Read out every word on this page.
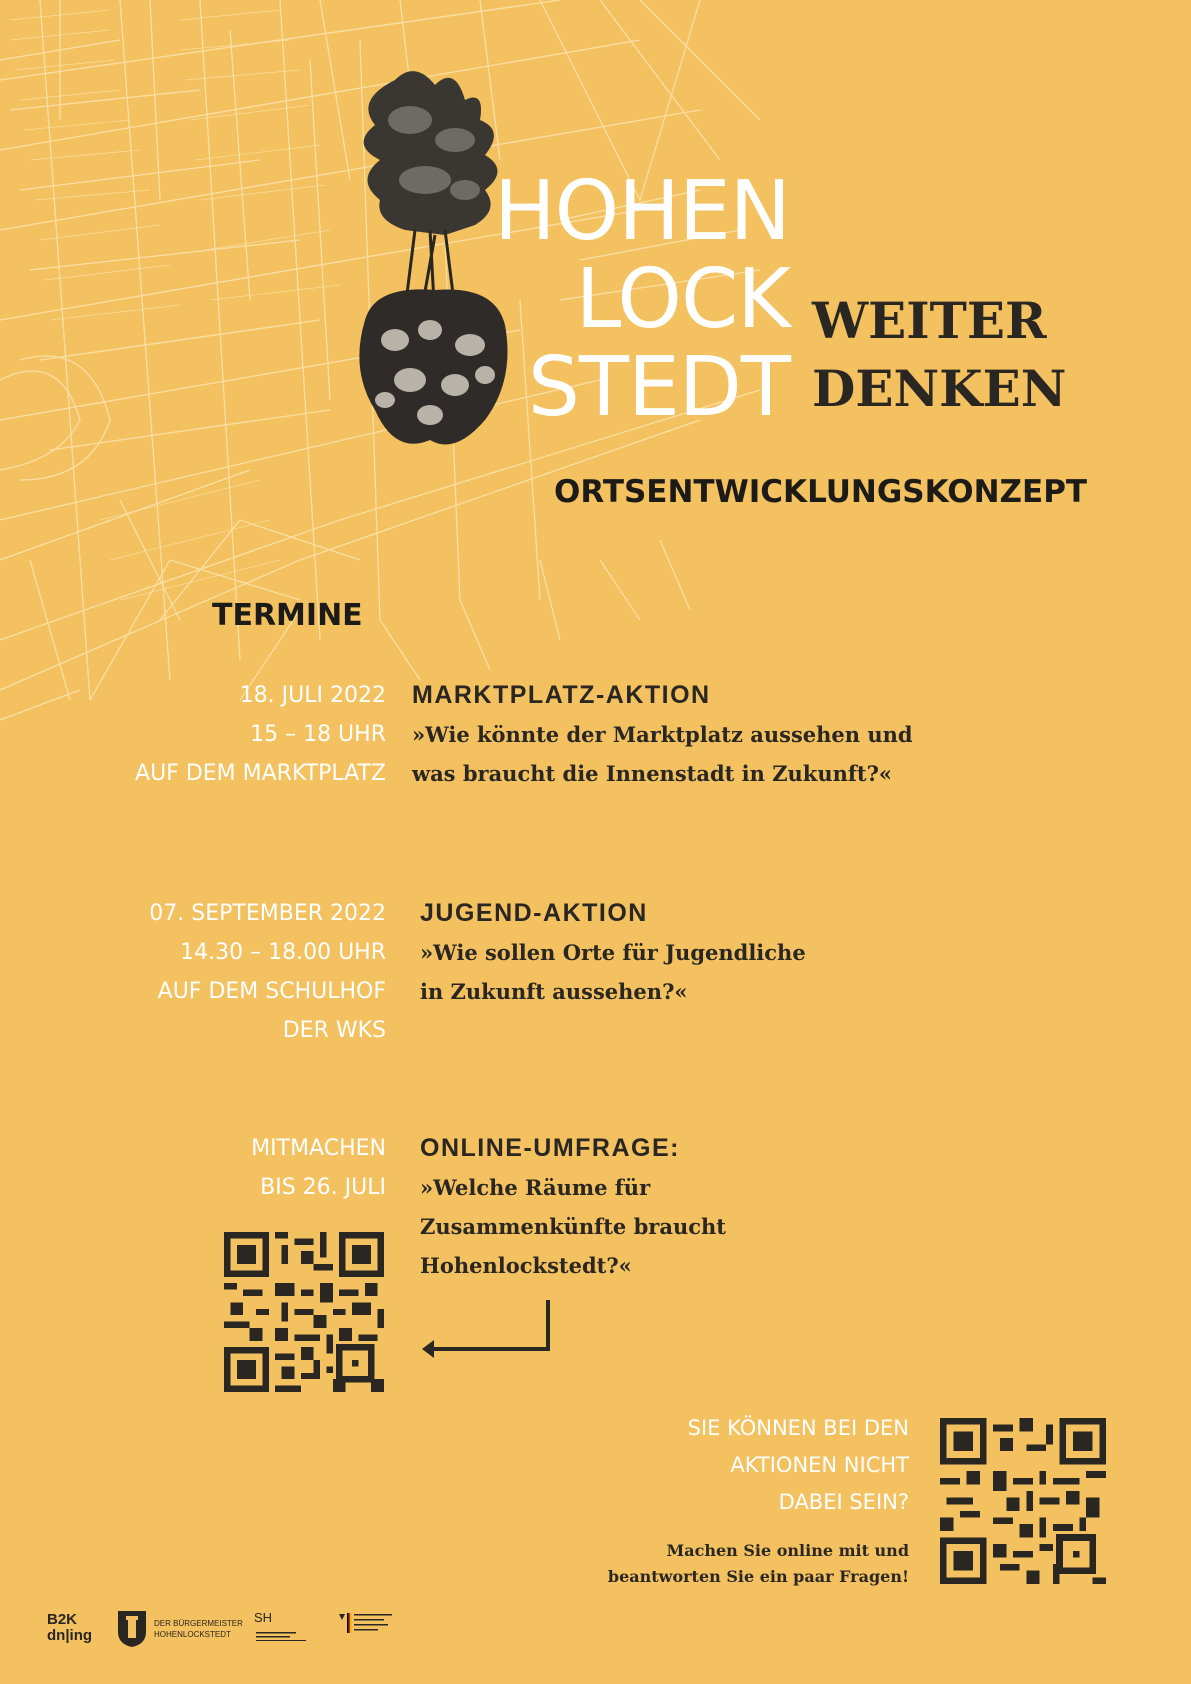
HOHEN
LOCK
STEDT
WEITER
DENKEN
ORTSENTWICKLUNGSKONZEPT
TERMINE
18. JULI 2022
15 – 18 UHR
AUF DEM MARKTPLATZ
MARKTPLATZ-AKTION
»Wie könnte der Marktplatz aussehen und
was braucht die Innenstadt in Zukunft?«
07. SEPTEMBER 2022
14.30 – 18.00 UHR
AUF DEM SCHULHOF
DER WKS
JUGEND-AKTION
»Wie sollen Orte für Jugendliche
in Zukunft aussehen?«
MITMACHEN
BIS 26. JULI
ONLINE-UMFRAGE:
»Welche Räume für
Zusammenkünfte braucht
Hohenlockstedt?«
SIE KÖNNEN BEI DEN
AKTIONEN NICHT
DABEI SEIN?
Machen Sie online mit und
beantworten Sie ein paar Fragen!
B2K
dn|ing
DER BÜRGERMEISTER
HOHENLOCKSTEDT
SH
